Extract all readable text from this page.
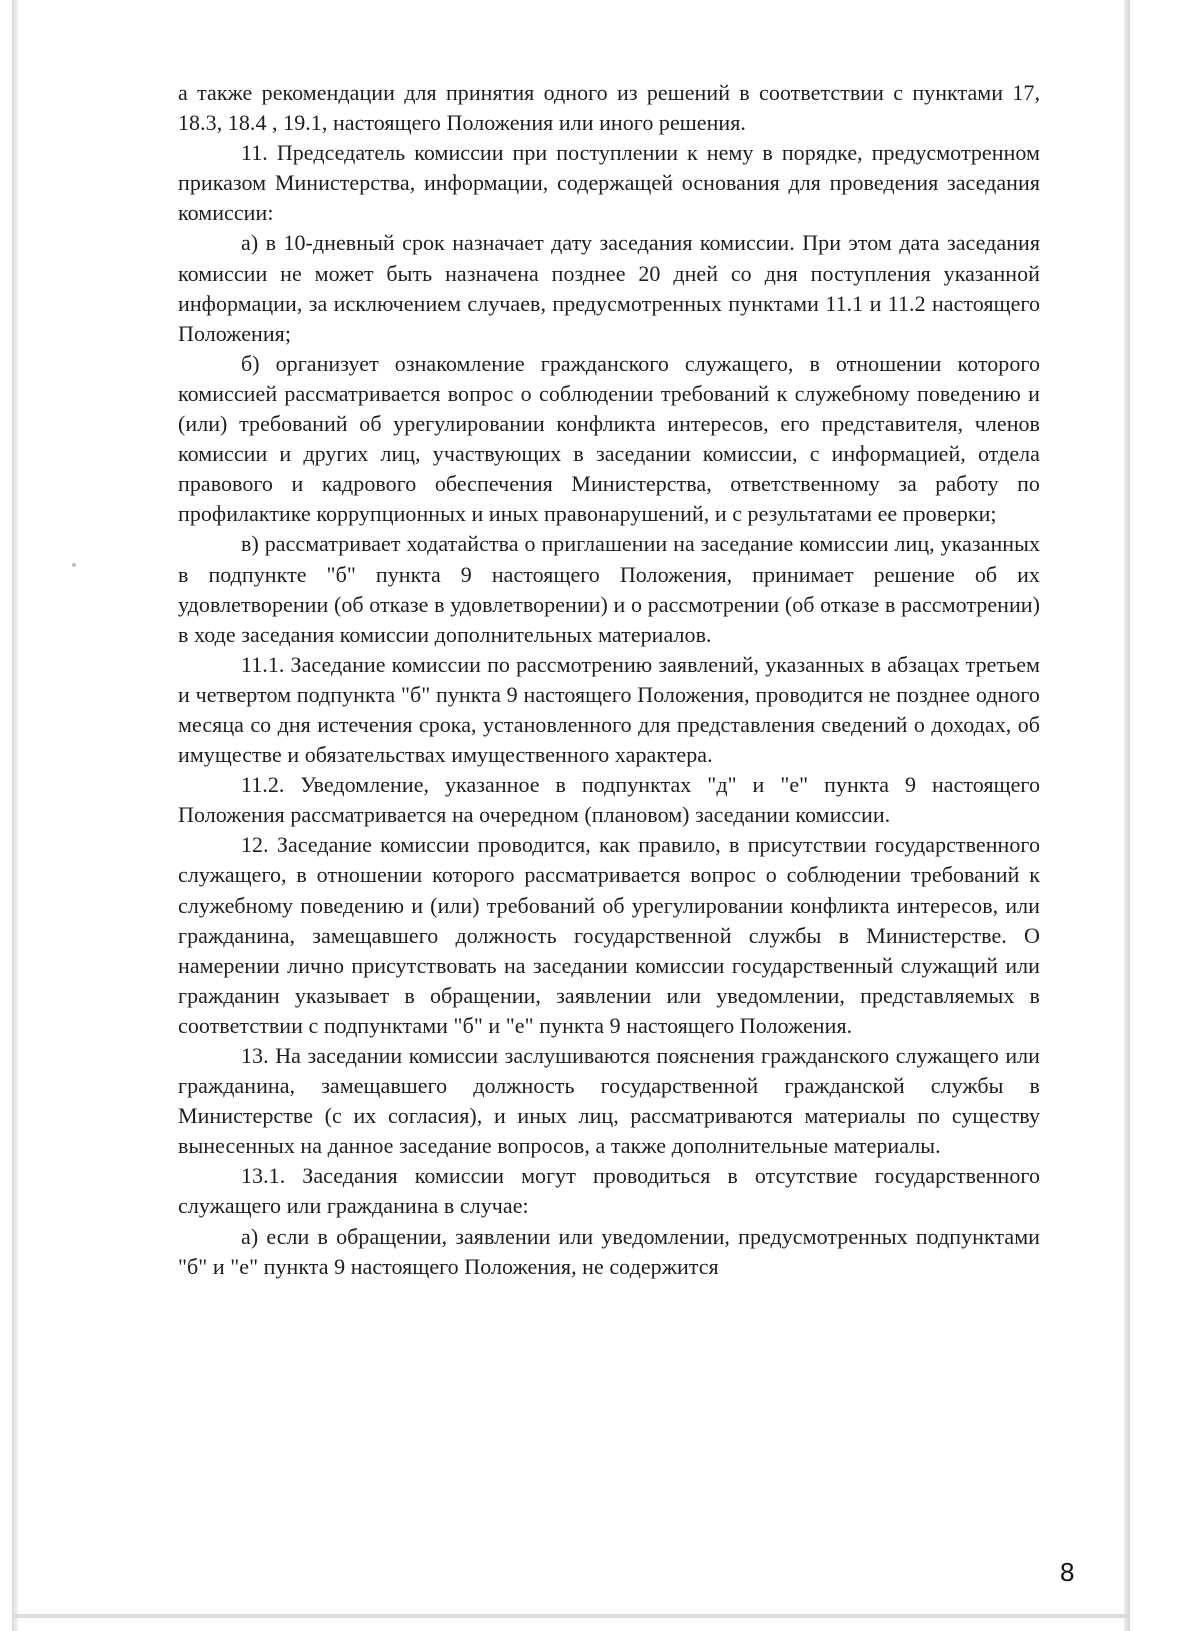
а также рекомендации для принятия одного из решений в соответствии с пунктами 17, 18.3, 18.4 , 19.1, настоящего Положения или иного решения.

11. Председатель комиссии при поступлении к нему в порядке, предусмотренном приказом Министерства, информации, содержащей основания для проведения заседания комиссии:

а) в 10-дневный срок назначает дату заседания комиссии. При этом дата заседания комиссии не может быть назначена позднее 20 дней со дня поступления указанной информации, за исключением случаев, предусмотренных пунктами 11.1 и 11.2 настоящего Положения;

б) организует ознакомление гражданского служащего, в отношении которого комиссией рассматривается вопрос о соблюдении требований к служебному поведению и (или) требований об урегулировании конфликта интересов, его представителя, членов комиссии и других лиц, участвующих в заседании комиссии, с информацией, отдела правового и кадрового обеспечения Министерства, ответственному за работу по профилактике коррупционных и иных правонарушений, и с результатами ее проверки;

в) рассматривает ходатайства о приглашении на заседание комиссии лиц, указанных в подпункте "б" пункта 9 настоящего Положения, принимает решение об их удовлетворении (об отказе в удовлетворении) и о рассмотрении (об отказе в рассмотрении) в ходе заседания комиссии дополнительных материалов.

11.1. Заседание комиссии по рассмотрению заявлений, указанных в абзацах третьем и четвертом подпункта "б" пункта 9 настоящего Положения, проводится не позднее одного месяца со дня истечения срока, установленного для представления сведений о доходах, об имуществе и обязательствах имущественного характера.

11.2. Уведомление, указанное в подпунктах "д" и "е" пункта 9 настоящего Положения рассматривается на очередном (плановом) заседании комиссии.

12. Заседание комиссии проводится, как правило, в присутствии государственного служащего, в отношении которого рассматривается вопрос о соблюдении требований к служебному поведению и (или) требований об урегулировании конфликта интересов, или гражданина, замещавшего должность государственной службы в Министерстве. О намерении лично присутствовать на заседании комиссии государственный служащий или гражданин указывает в обращении, заявлении или уведомлении, представляемых в соответствии с подпунктами "б" и "е" пункта 9 настоящего Положения.

13. На заседании комиссии заслушиваются пояснения гражданского служащего или гражданина, замещавшего должность государственной гражданской службы в Министерстве (с их согласия), и иных лиц, рассматриваются материалы по существу вынесенных на данное заседание вопросов, а также дополнительные материалы.

13.1. Заседания комиссии могут проводиться в отсутствие государственного служащего или гражданина в случае:

а) если в обращении, заявлении или уведомлении, предусмотренных подпунктами "б" и "е" пункта 9 настоящего Положения, не содержится

8
